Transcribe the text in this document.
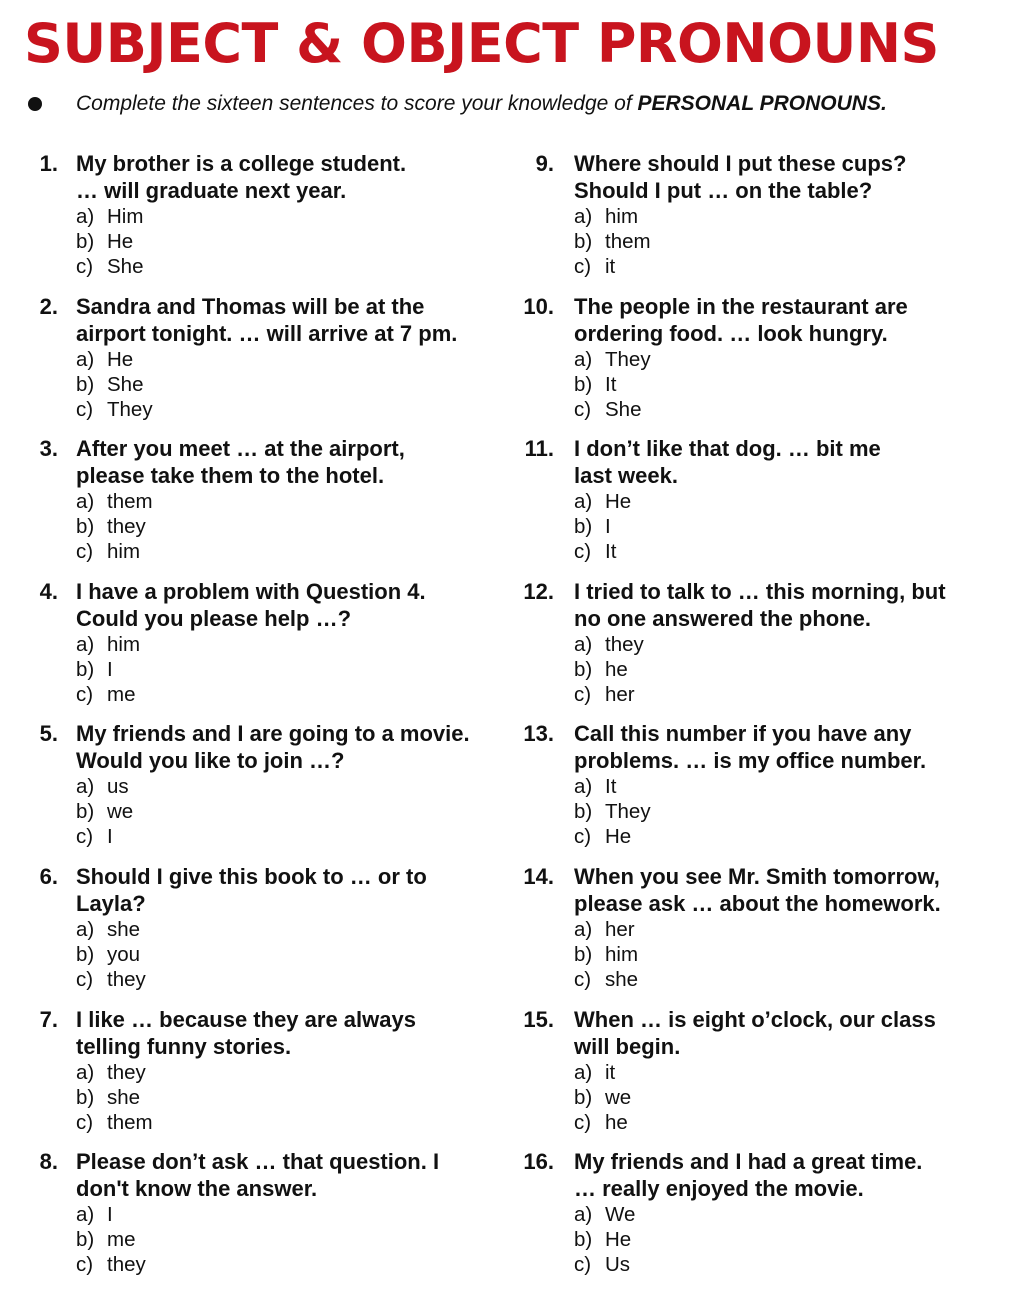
SUBJECT & OBJECT PRONOUNS
Complete the sixteen sentences to score your knowledge of PERSONAL PRONOUNS.
1. My brother is a college student.
… will graduate next year.
a) Him
b) He
c) She
2. Sandra and Thomas will be at the
airport tonight. … will arrive at 7 pm.
a) He
b) She
c) They
3. After you meet … at the airport,
please take them to the hotel.
a) them
b) they
c) him
4. I have a problem with Question 4.
Could you please help …?
a) him
b) I
c) me
5. My friends and I are going to a movie.
Would you like to join …?
a) us
b) we
c) I
6. Should I give this book to … or to
Layla?
a) she
b) you
c) they
7. I like … because they are always
telling funny stories.
a) they
b) she
c) them
8. Please don’t ask … that question. I
don't know the answer.
a) I
b) me
c) they
9. Where should I put these cups?
Should I put … on the table?
a) him
b) them
c) it
10. The people in the restaurant are
ordering food. … look hungry.
a) They
b) It
c) She
11. I don’t like that dog. … bit me
last week.
a) He
b) I
c) It
12. I tried to talk to … this morning, but
no one answered the phone.
a) they
b) he
c) her
13. Call this number if you have any
problems. … is my office number.
a) It
b) They
c) He
14. When you see Mr. Smith tomorrow,
please ask … about the homework.
a) her
b) him
c) she
15. When … is eight o’clock, our class
will begin.
a) it
b) we
c) he
16. My friends and I had a great time.
… really enjoyed the movie.
a) We
b) He
c) Us
